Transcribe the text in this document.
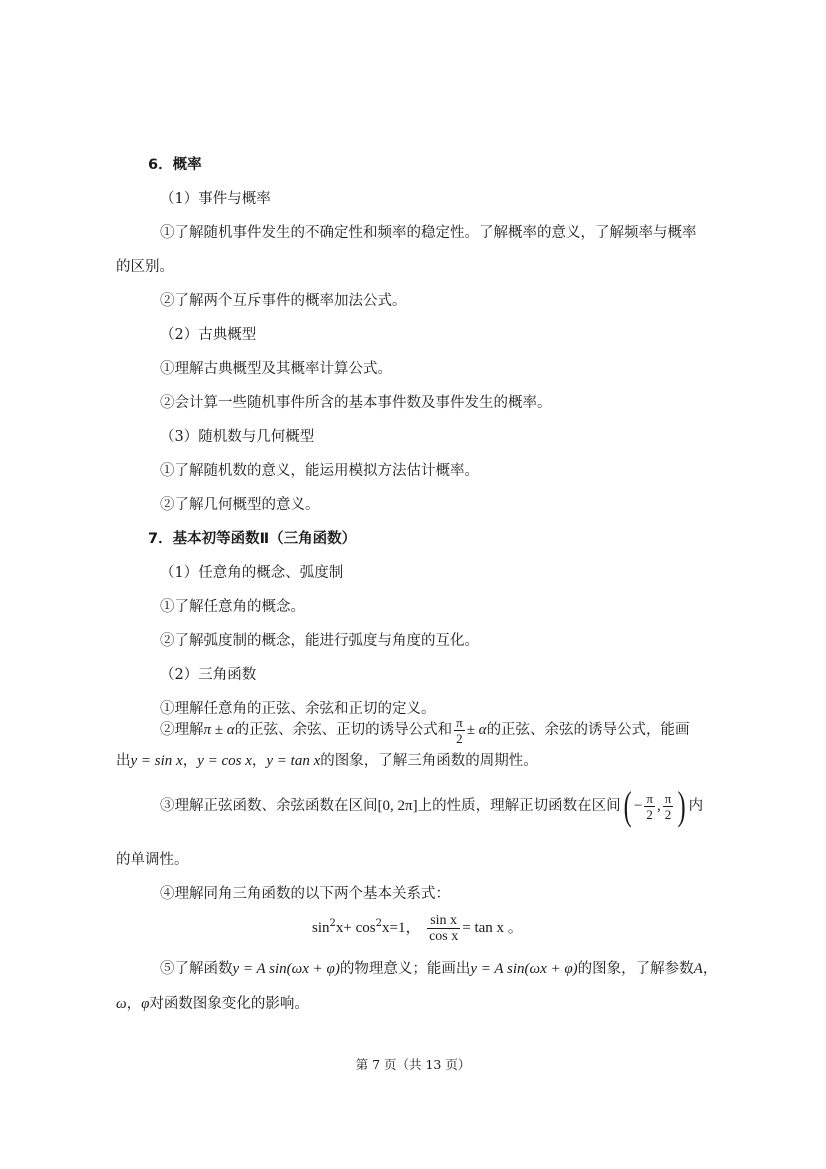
6．概率
（1）事件与概率
①了解随机事件发生的不确定性和频率的稳定性。了解概率的意义，了解频率与概率
的区别。
②了解两个互斥事件的概率加法公式。
（2）古典概型
①理解古典概型及其概率计算公式。
②会计算一些随机事件所含的基本事件数及事件发生的概率。
（3）随机数与几何概型
①了解随机数的意义，能运用模拟方法估计概率。
②了解几何概型的意义。
7．基本初等函数Ⅱ（三角函数）
（1）任意角的概念、弧度制
①了解任意角的概念。
②了解弧度制的概念，能进行弧度与角度的互化。
（2）三角函数
①理解任意角的正弦、余弦和正切的定义。
②理解π ± α的正弦、余弦、正切的诱导公式和 $\frac{\pi}{2} \pm \alpha$的正弦、余弦的诱导公式，能画
出y = sin x，y = cos x，y = tan x的图象，了解三角函数的周期性。
③理解正弦函数、余弦函数在区间[0, 2π]上的性质，理解正切函数在区间( − $\frac{\pi}{2}$ , $\frac{\pi}{2}$ ) 内
的单调性。
④理解同角三角函数的以下两个基本关系式：
$\sin^2x+ \cos^2x=1$， $\frac{\text{sin x}}{\text{cos x}} = \tan x$ 。
⑤了解函数y = A sin(ωx + φ)的物理意义；能画出y = A sin(ωx + φ)的图象，了解参数A，
ω，φ对函数图象变化的影响。
第 7 页（共 13 页）
